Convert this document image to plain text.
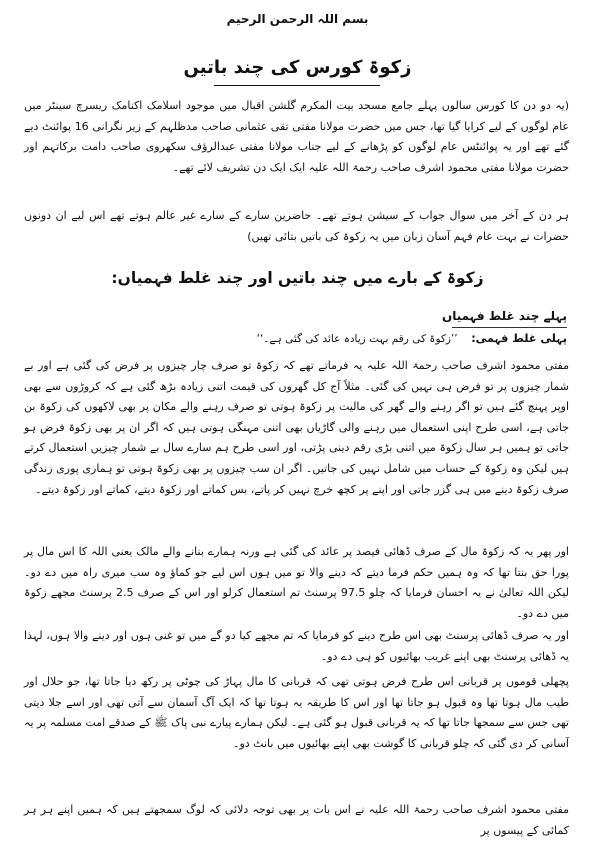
بسم اللہ الرحمن الرحیم
زکوۃ کورس کی چند باتیں
(یہ دو دن کا کورس سالوں پہلے جامع مسجد بیت المکرم گلشن اقبال میں موجود اسلامک اکنامک ریسرچ سینٹر میں عام لوگوں کے لیے کرایا گیا تھا، جس میں حضرت مولانا مفتی تقی عثمانی صاحب مدظلہم کے زیر نگرانی 16 پوائنٹ دیے گئے تھے اور یہ پوائنٹس عام لوگوں کو پڑھانے کے لیے جناب مولانا مفتی عبدالرؤف سکھروی صاحب دامت برکاتہم اور حضرت مولانا مفتی محمود اشرف صاحب رحمۃ اللہ علیہ ایک ایک دن تشریف لائے تھے۔
ہر دن کے آخر میں سوال جواب کے سیشن ہوتے تھے۔ حاضرین سارے کے سارے غیر عالم ہوتے تھے اس لیے ان دونوں حضرات نے بہت عام فہم آسان زبان میں یہ زکوۃ کی باتیں بتائی تھیں)
زکوۃ کے بارے میں چند باتیں اور چند غلط فہمیاں:
پہلے چند غلط فہمیاں
پہلی غلط فہمی: ’’زکوۃ کی رقم بہت زیادہ عائد کی گئی ہے۔‘‘
مفتی محمود اشرف صاحب رحمۃ اللہ علیہ یہ فرماتے تھے کہ زکوۃ تو صرف چار چیزوں پر فرض کی گئی ہے اور بے شمار چیزوں پر تو فرض ہی نہیں کی گئی۔ مثلاً آج کل گھروں کی قیمت اتنی زیادہ بڑھ گئی ہے کہ کروڑوں سے بھی اوپر پہنچ گئے ہیں تو اگر رہنے والے گھر کی مالیت پر زکوۃ ہوتی تو صرف رہنے والے مکان پر بھی لاکھوں کی زکوۃ بن جاتی ہے، اسی طرح اپنی استعمال میں رہنے والی گاڑیاں بھی اتنی مہنگی ہوتی ہیں کہ اگر ان پر بھی زکوۃ فرض ہو جاتی تو ہمیں ہر سال زکوۃ میں اتنی بڑی رقم دینی پڑتی، اور اسی طرح ہم سارے سال بے شمار چیزیں استعمال کرتے ہیں لیکن وہ زکوۃ کے حساب میں شامل نہیں کی جاتیں۔ اگر ان سب چیزوں پر بھی زکوۃ ہوتی تو ہماری پوری زندگی صرف زکوۃ دینے میں ہی گزر جاتی اور اپنے پر کچھ خرچ نہیں کر پاتے، بس کماتے اور زکوۃ دیتے، کماتے اور زکوۃ دیتے۔
اور پھر یہ کہ زکوۃ مال کے صرف ڈھائی فیصد پر عائد کی گئی ہے ورنہ ہمارے بنانے والے مالک یعنی اللہ کا اس مال پر پورا حق بنتا تھا کہ وہ ہمیں حکم فرما دیتے کہ دینے والا تو میں ہوں اس لیے جو کماؤ وہ سب میری راہ میں دے دو۔ لیکن اللہ تعالیٰ نے یہ احسان فرمایا کہ چلو 97.5 پرسنٹ تم استعمال کرلو اور اس کے صرف 2.5 پرسنٹ مجھے زکوۃ میں دے دو۔
اور یہ صرف ڈھائی پرسنٹ بھی اس طرح دینے کو فرمایا کہ تم مجھے کیا دو گے میں تو غنی ہوں اور دینے والا ہوں، لہذا یہ ڈھائی پرسنٹ بھی اپنے غریب بھائیوں کو ہی دے دو۔
پچھلی قوموں پر قربانی اس طرح فرض ہوتی تھی کہ قربانی کا مال پہاڑ کی چوٹی پر رکھ دیا جاتا تھا، جو حلال اور طیب مال ہوتا تھا وہ قبول ہو جاتا تھا اور اس کا طریقہ یہ ہوتا تھا کہ ایک آگ آسمان سے آتی تھی اور اسے جلا دیتی تھی جس سے سمجھا جاتا تھا کہ یہ قربانی قبول ہو گئی ہے۔ لیکن ہمارے پیارے نبی پاک ﷺ کے صدقے امت مسلمہ پر یہ آسانی کر دی گئی کہ چلو قربانی کا گوشت بھی اپنے بھائیوں میں بانٹ دو۔
مفتی محمود اشرف صاحب رحمۃ اللہ علیہ نے اس بات پر بھی توجہ دلائی کہ لوگ سمجھتے ہیں کہ ہمیں اپنے ہر ہر کمائی کے پیسوں پر
